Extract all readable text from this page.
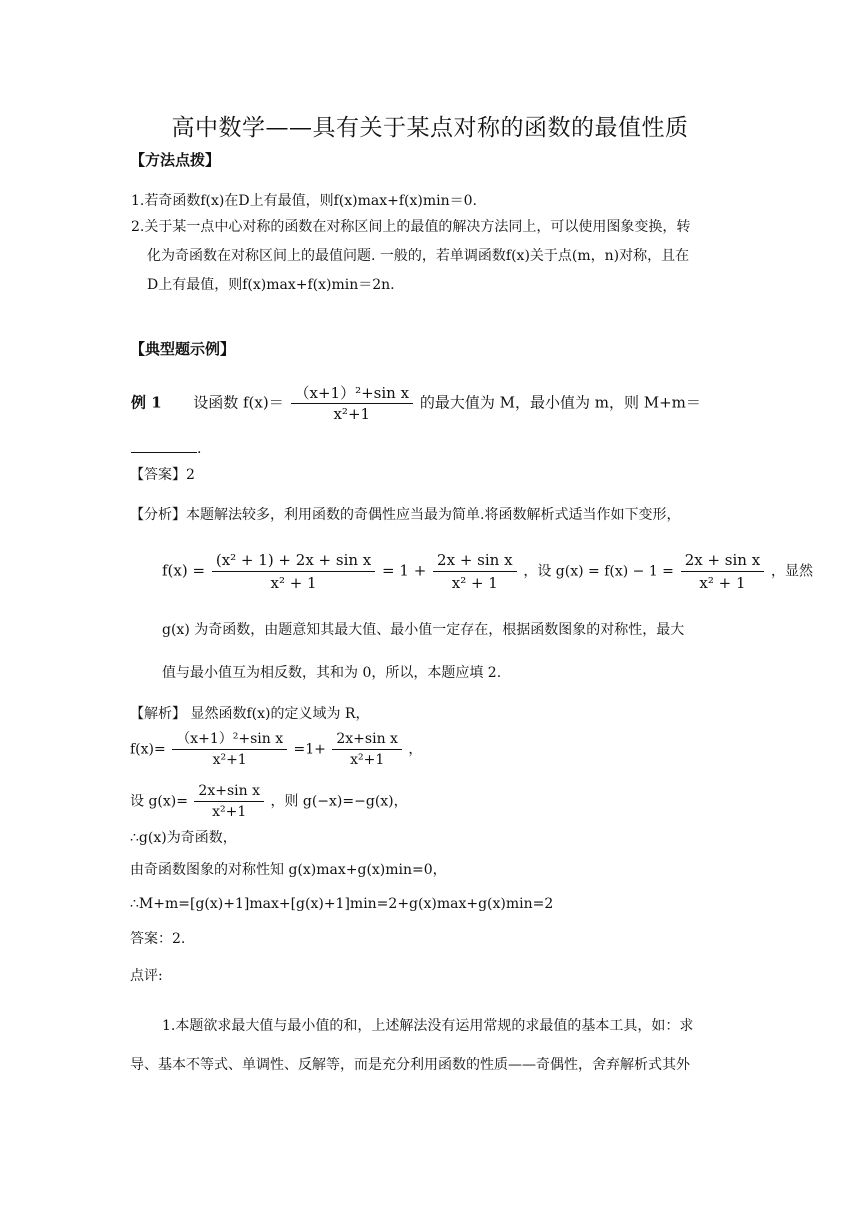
高中数学——具有关于某点对称的函数的最值性质
【方法点拨】
1.若奇函数f(x)在D上有最值，则f(x)max+f(x)min＝0.
2.关于某一点中心对称的函数在对称区间上的最值的解决方法同上，可以使用图象变换，转
化为奇函数在对称区间上的最值问题. 一般的，若单调函数f(x)关于点(m，n)对称，且在
D上有最值，则f(x)max+f(x)min＝2n.
【典型题示例】
例 1 设函数 $f(x)= \frac{\text{（x+1）²+sin x}}{\text{x²+1}}$ 的最大值为 M，最小值为 m，则 M+m＝
.
【答案】2
【分析】本题解法较多，利用函数的奇偶性应当最为简单.将函数解析式适当作如下变形，
$f(x) = \frac{\text{(x² + 1) + 2x + sin x}}{\text{x² + 1}} = 1 + \frac{\text{2x + sin x}}{\text{x² + 1}}$ ，设 $g(x) = f(x) - 1 = \frac{\text{2x + sin x}}{\text{x² + 1}}$ ，显然
g(x) 为奇函数，由题意知其最大值、最小值一定存在，根据函数图象的对称性，最大
值与最小值互为相反数，其和为 0，所以，本题应填 2.
【解析】 显然函数f(x)的定义域为 R，
$f(x)= \frac{\text{（x+1）²+sin x}}{\text{x²+1}} =1+ \frac{\text{2x+sin x}}{\text{x²+1}}$ ，
设 $g(x)= \frac{\text{2x+sin x}}{\text{x²+1}}$ ，则 g(−x)=−g(x)，
∴g(x)为奇函数，
由奇函数图象的对称性知 g(x)max+g(x)min=0，
∴M+m=[g(x)+1]max+[g(x)+1]min=2+g(x)max+g(x)min=2
答案：2.
点评:
1.本题欲求最大值与最小值的和，上述解法没有运用常规的求最值的基本工具，如：求
导、基本不等式、单调性、反解等，而是充分利用函数的性质——奇偶性，舍弃解析式其外
